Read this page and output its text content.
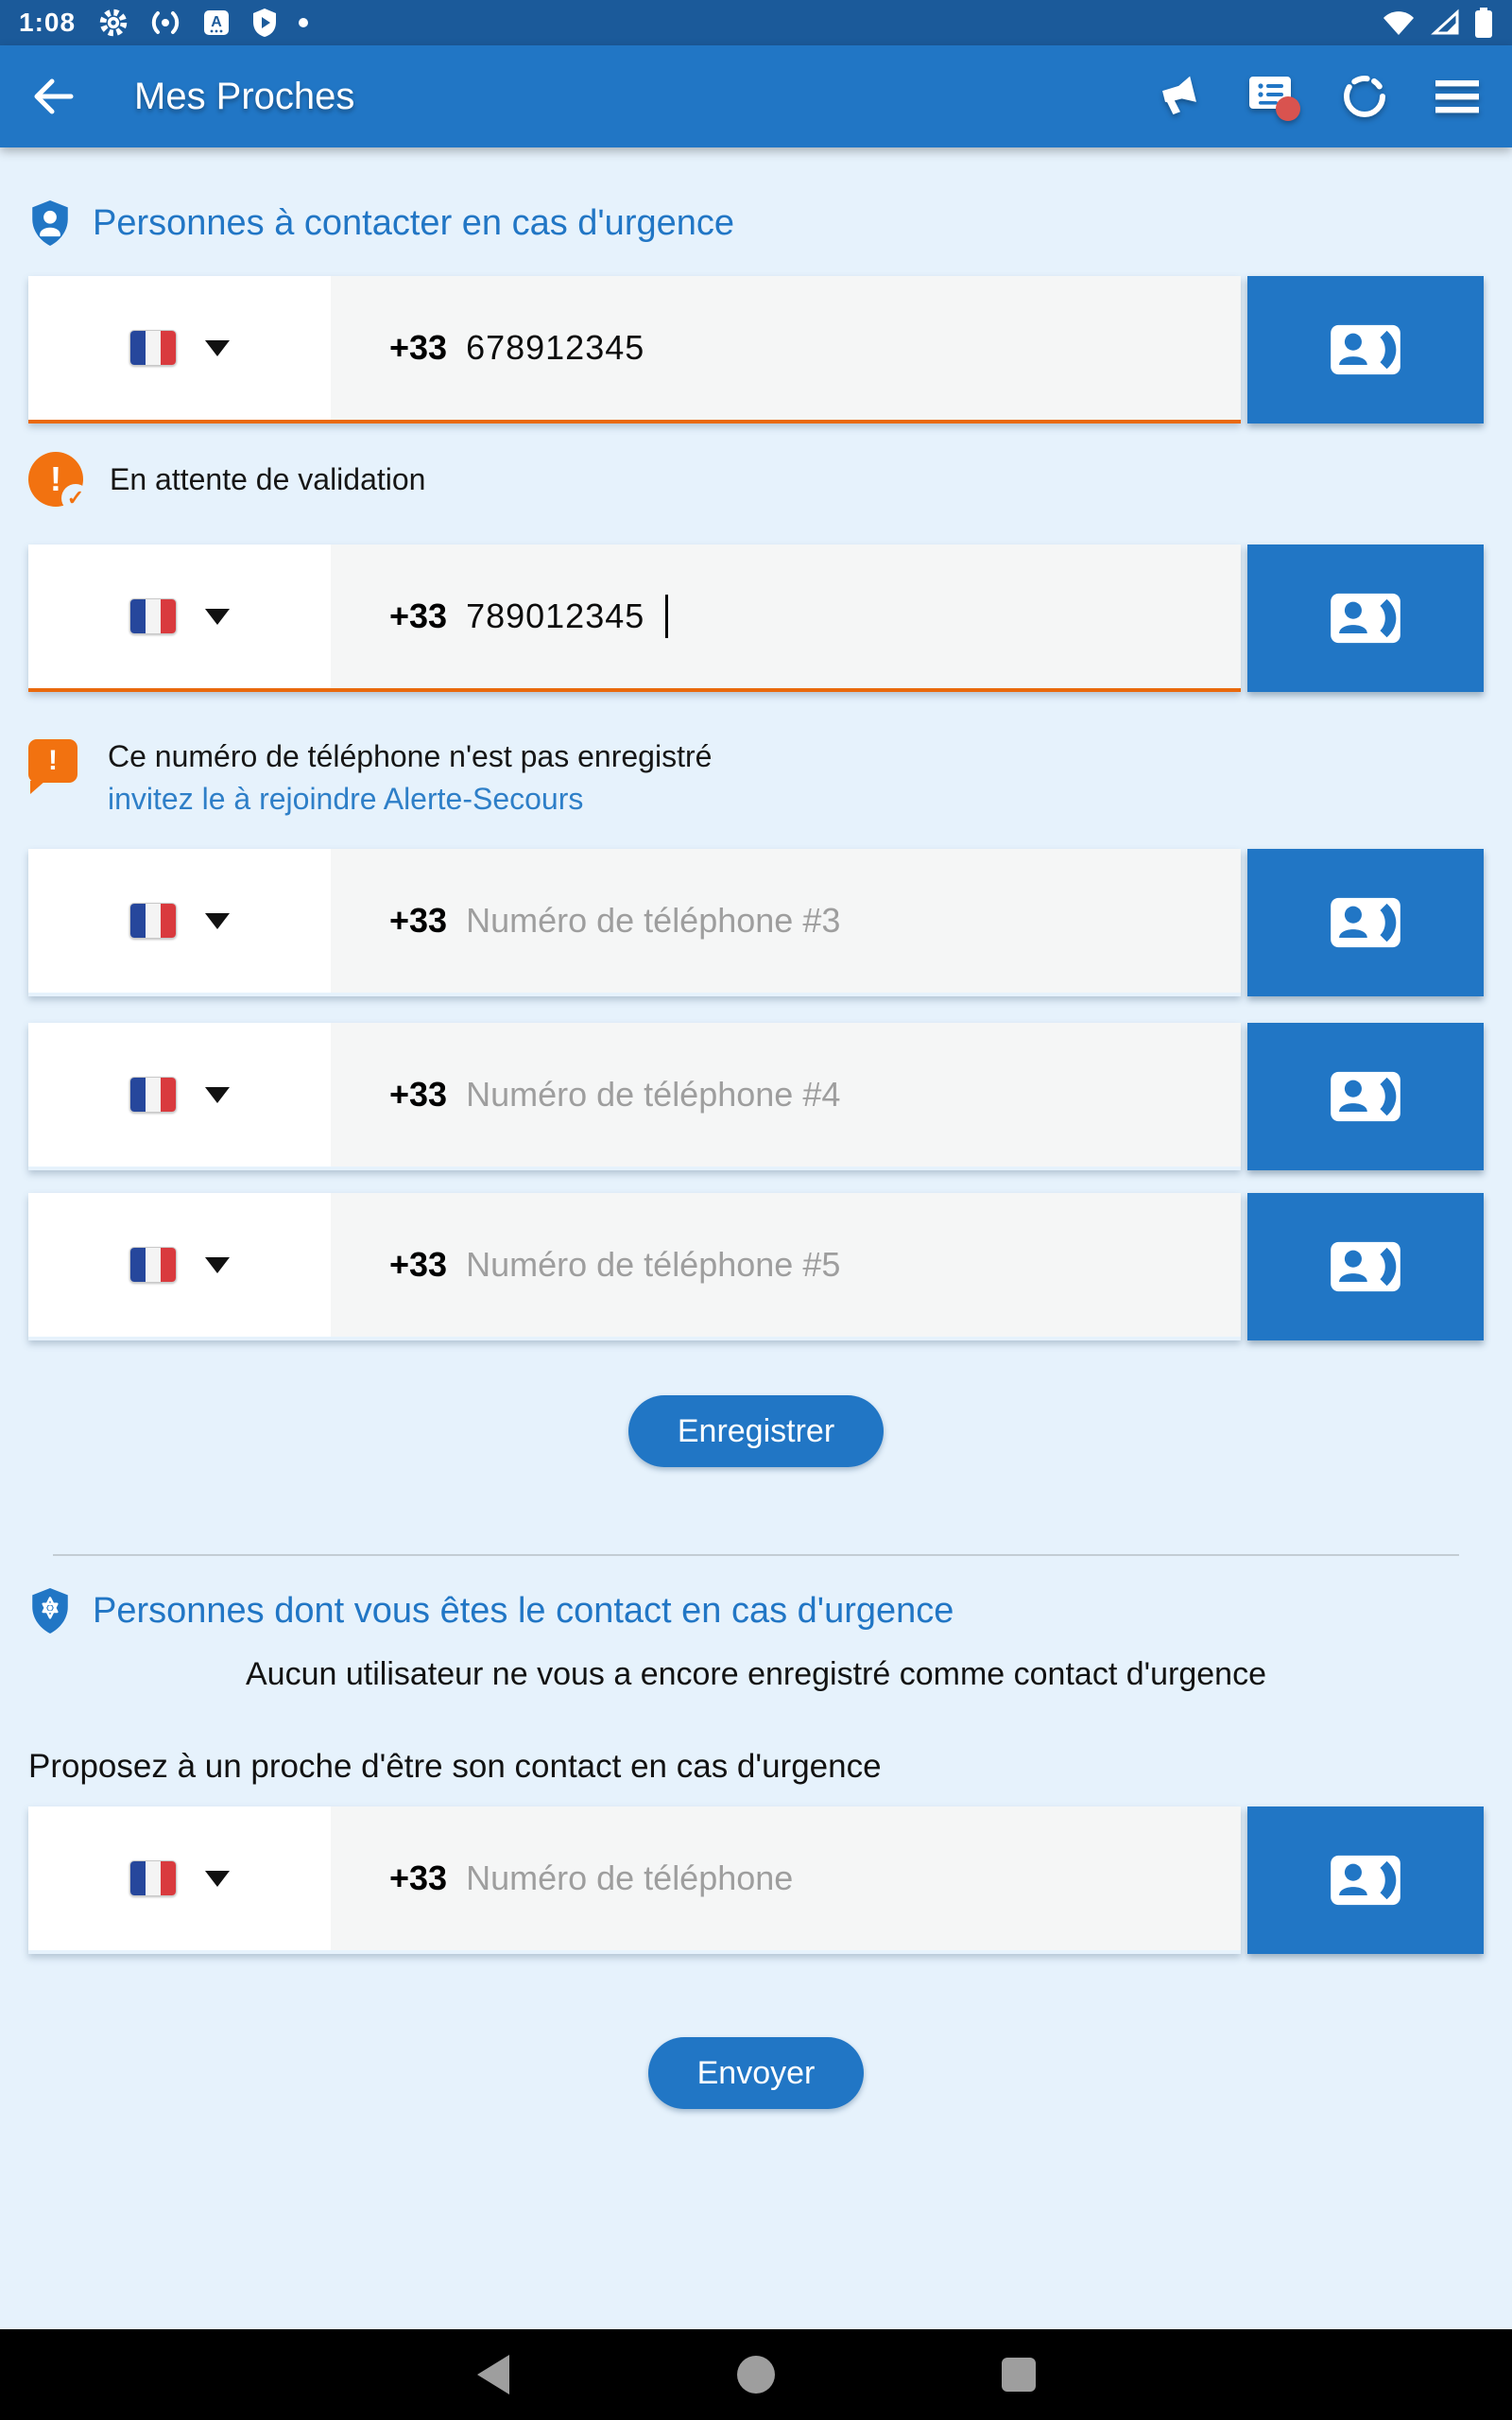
1:08	A
Mes Proches
Personnes à contacter en cas d'urgence
+33 678912345
! ✓
En attente de validation
+33 789012345
!	Ce numéro de téléphone n'est pas enregistré
invitez le à rejoindre Alerte-Secours
+33 Numéro de téléphone #3
+33 Numéro de téléphone #4
+33 Numéro de téléphone #5
Enregistrer
Personnes dont vous êtes le contact en cas d'urgence
Aucun utilisateur ne vous a encore enregistré comme contact d'urgence
Proposez à un proche d'être son contact en cas d'urgence
+33 Numéro de téléphone
Envoyer
